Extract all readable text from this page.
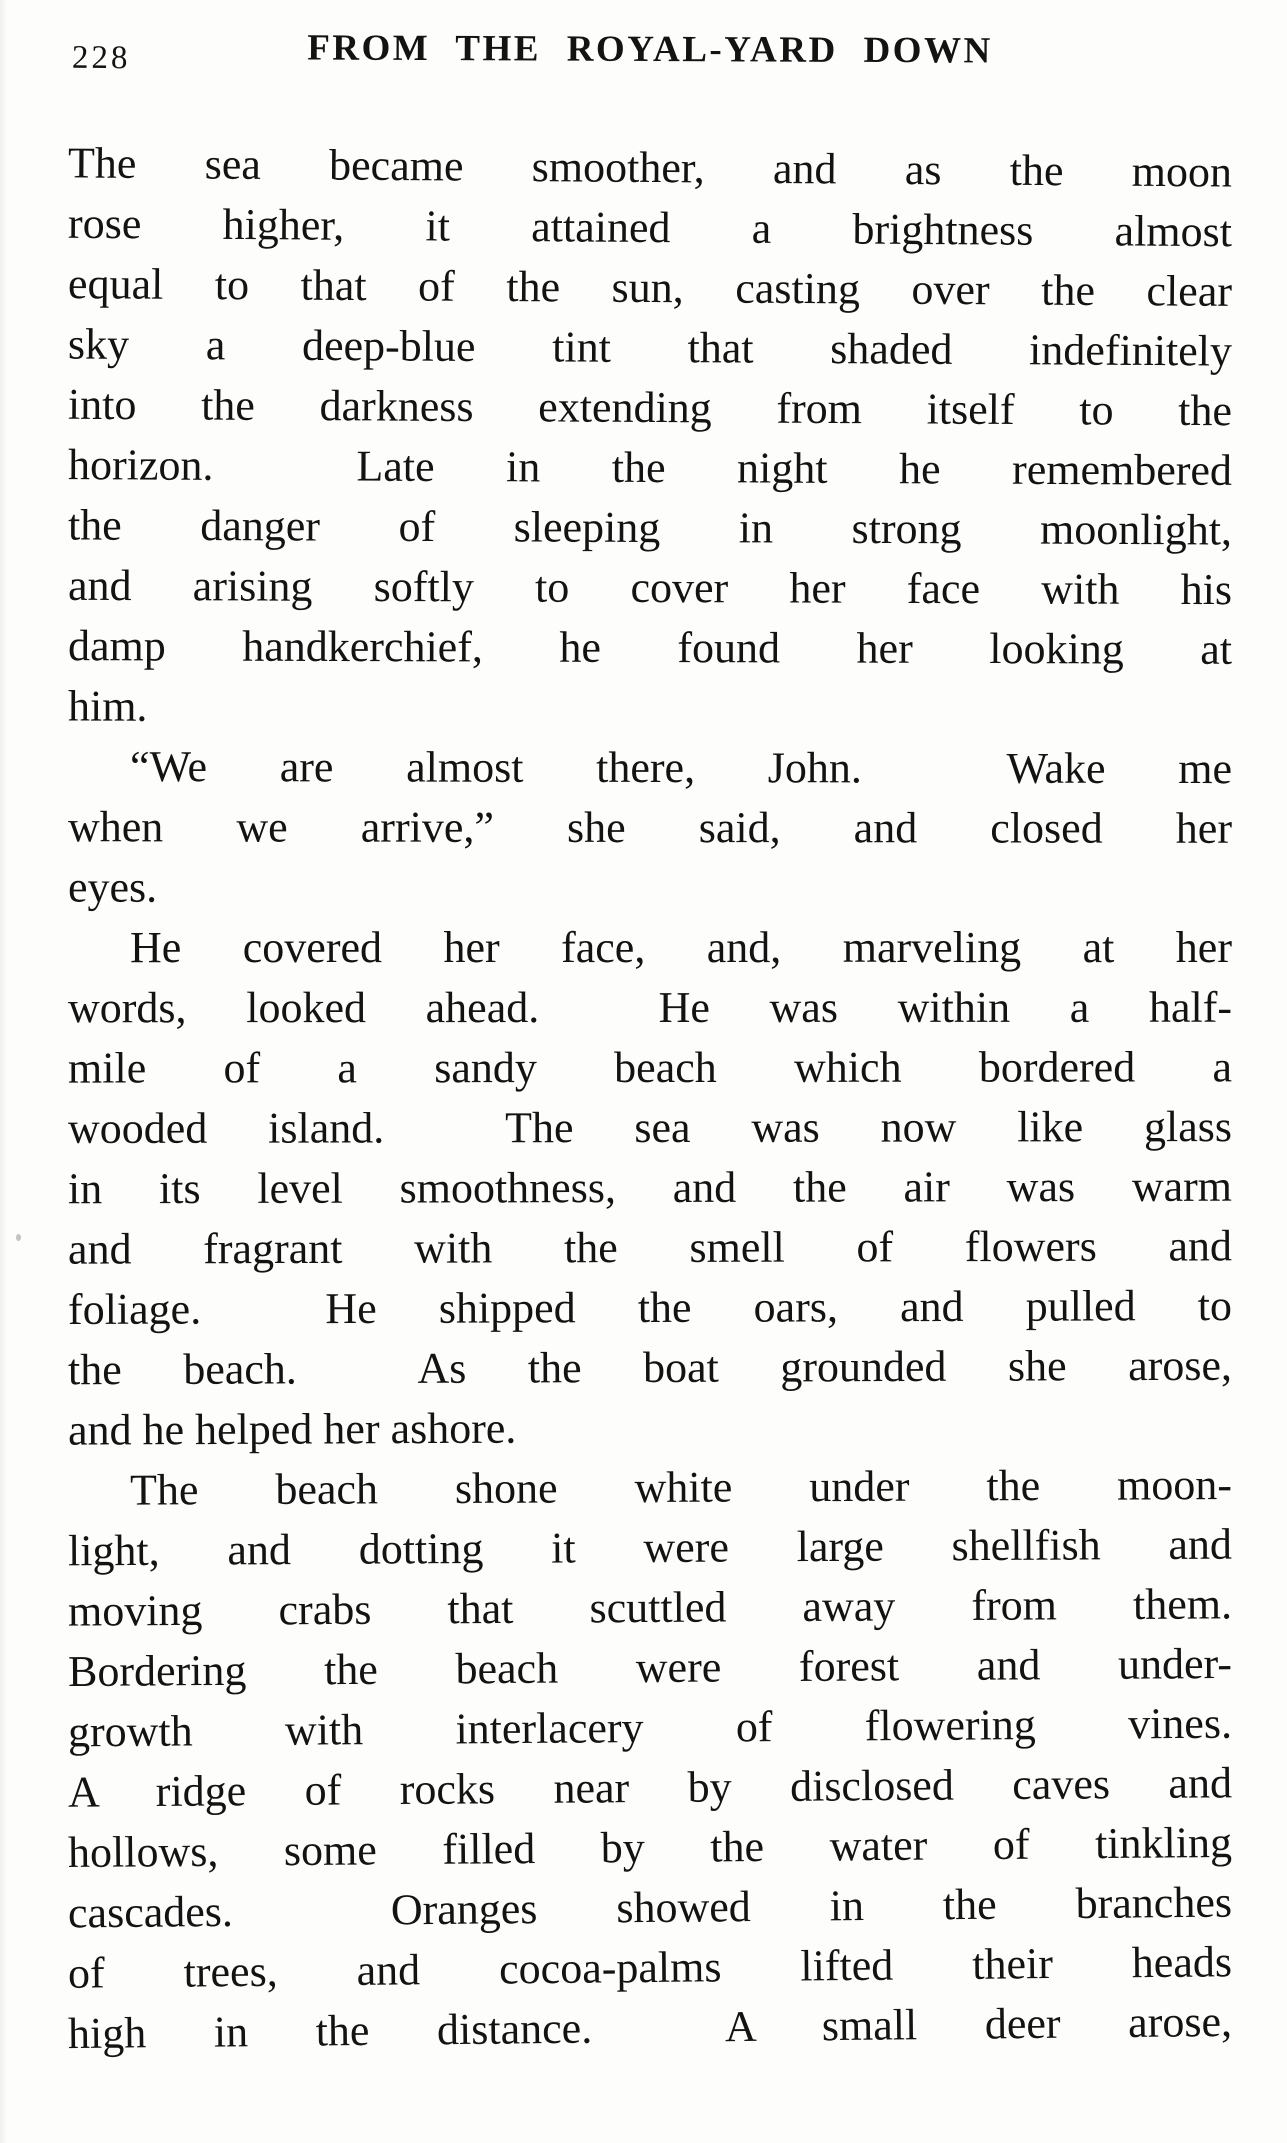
228	FROM THE ROYAL-YARD DOWN
The sea became smoother, and as the moon
rose higher, it attained a brightness almost
equal to that of the sun, casting over the clear
sky a deep-blue tint that shaded indefinitely
into the darkness extending from itself to the
horizon.  Late in the night he remembered
the danger of sleeping in strong moonlight,
and arising softly to cover her face with his
damp handkerchief, he found her looking at
him.
“We are almost there, John.  Wake me
when we arrive,” she said, and closed her
eyes.
He covered her face, and, marveling at her
words, looked ahead.  He was within a half-
mile of a sandy beach which bordered a
wooded island.  The sea was now like glass
in its level smoothness, and the air was warm
and fragrant with the smell of flowers and
foliage.  He shipped the oars, and pulled to
the beach.  As the boat grounded she arose,
and he helped her ashore.
The beach shone white under the moon-
light, and dotting it were large shellfish and
moving crabs that scuttled away from them.
Bordering the beach were forest and under-
growth with interlacery of flowering vines.
A ridge of rocks near by disclosed caves and
hollows, some filled by the water of tinkling
cascades.  Oranges showed in the branches
of trees, and cocoa-palms lifted their heads
high in the distance.  A small deer arose,
